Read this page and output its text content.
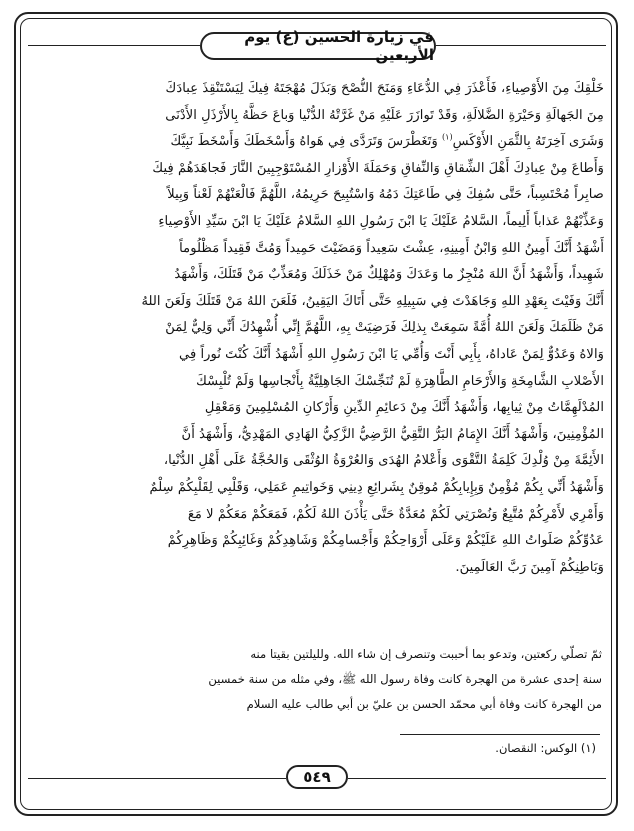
في زيارة الحسين (ع) يوم الأربعين

خَلْقِكَ مِنَ الأَوْصِياءِ، فَأَعْذَرَ فِي الدُّعَاءِ وَمَنَحَ النُّصْحَ وَبَذَلَ مُهْجَتَهُ فِيكَ لِيَسْتَنْقِذَ عِبادَكَ

مِنَ الجَهالَةِ وَحَيْرَةِ الضَّلالَةِ، وَقَدْ تَوازَرَ عَلَيْهِ مَنْ غَرَّتْهُ الدُّنْيا وَباعَ حَظَّهُ بِالأَرْذَلِ الأَدْنَى

وَشَرَى آخِرَتَهُ بِالثَّمَنِ الأَوْكَسِ$^{(١)}$ وَتَغَطْرَسَ وَتَرَدَّى فِي هَواهُ وَأَسْخَطَكَ وَأَسْخَطَ نَبِيَّكَ

وَأَطاعَ مِنْ عِبادِكَ أَهْلَ الشِّقاقِ وَالنِّفاقِ وَحَمَلَةَ الأَوْزارِ المُسْتَوْجِبِينَ النَّارَ فَجاهَدَهُمْ فِيكَ

صابِراً مُحْتَسِباً، حَتَّى سُفِكَ فِي طَاعَتِكَ دَمُهُ وَاسْتُبِيحَ حَرِيمُهُ، اللَّهُمَّ فَالْعَنْهُمْ لَعْناً وَبِيلاً

وَعَذِّبْهُمْ عَذاباً أَلِيماً، السَّلامُ عَلَيْكَ يَا ابْنَ رَسُولِ اللهِ السَّلامُ عَلَيْكَ يَا ابْنَ سَيِّدِ الأَوْصِياءِ

أَشْهَدُ أَنَّكَ أَمِينُ اللهِ وَابْنُ أَمِينِهِ، عِشْتَ سَعِيداً وَمَضَيْتَ حَمِيداً وَمُتَّ فَقِيداً مَظْلُوماً

شَهِيداً، وَأَشْهَدُ أَنَّ اللهَ مُنْجِزٌ ما وَعَدَكَ وَمُهْلِكٌ مَنْ خَذَلَكَ وَمُعَذِّبٌ مَنْ قَتَلَكَ، وَأَشْهَدُ

أَنَّكَ وَفَيْتَ بِعَهْدِ اللهِ وَجَاهَدْتَ فِي سَبِيلِهِ حَتَّى أَتَاكَ اليَقِينُ، فَلَعَنَ اللهُ مَنْ قَتَلَكَ وَلَعَنَ اللهُ

مَنْ ظَلَمَكَ وَلَعَنَ اللهُ أُمَّةً سَمِعَتْ بِذلِكَ فَرَضِيَتْ بِهِ، اللَّهُمَّ إِنِّي أُشْهِدُكَ أَنِّي وَلِيٌّ لِمَنْ

وَالاهُ وَعَدُوٌّ لِمَنْ عَاداهُ، بِأَبِي أَنْتَ وَأُمِّي يَا ابْنَ رَسُولِ اللهِ أَشْهَدُ أَنَّكَ كُنْتَ نُوراً فِي

الأَصْلابِ الشَّامِخَةِ وَالأَرْحَامِ الطَّاهِرَةِ لَمْ تُنَجِّسْكَ الجَاهِلِيَّةُ بِأَنْجاسِها وَلَمْ تُلْبِسْكَ

المُدْلَهِمَّاتُ مِنْ ثِيابِها، وَأَشْهَدُ أَنَّكَ مِنْ دَعائِمِ الدِّينِ وَأَرْكانِ المُسْلِمِينَ وَمَعْقِلِ

المُؤْمِنِينَ، وَأَشْهَدُ أَنَّكَ الإِمَامُ البَرُّ التَّقِيُّ الرَّضِيُّ الزَّكِيُّ الهَادِي المَهْدِيُّ، وَأَشْهَدُ أَنَّ

الأَئِمَّةَ مِنْ وُلْدِكَ كَلِمَةُ التَّقْوَى وَأَعْلامُ الهُدَى وَالعُرْوَةُ الوُثْقَى وَالحُجَّةُ عَلَى أَهْلِ الدُّنْيا،

وَأَشْهَدُ أَنِّي بِكُمْ مُؤْمِنٌ وَبِإِيابِكُمْ مُوقِنٌ بِشَرائِعِ دِينِي وَخَواتِيمِ عَمَلِي، وَقَلْبِي لِقَلْبِكُمْ سِلْمٌ

وَأَمْرِي لأَمْرِكُمْ مُتَّبِعٌ وَنُصْرَتِي لَكُمْ مُعَدَّةٌ حَتَّى يَأْذَنَ اللهُ لَكُمْ، فَمَعَكُمْ مَعَكُمْ لا مَعَ

عَدُوِّكُمْ صَلَواتُ اللهِ عَلَيْكُمْ وَعَلَى أَرْوَاحِكُمْ وَأَجْسامِكُمْ وَشَاهِدِكُمْ وَغَائِبِكُمْ وَظَاهِرِكُمْ

وَبَاطِنِكُمْ آمِينَ رَبَّ العَالَمِينَ.

ثمّ تصلّي ركعتين، وتدعو بما أحببت وتنصرف إن شاء الله. ولليلتين بقيتا منه

سنة إحدى عشرة من الهجرة كانت وفاة رسول الله ﷺ، وفي مثله من سنة خمسين

من الهجرة كانت وفاة أبي محمّد الحسن بن عليّ بن أبي طالب عليه السلام

(١) الوكس: النقصان.
٥٤٩
